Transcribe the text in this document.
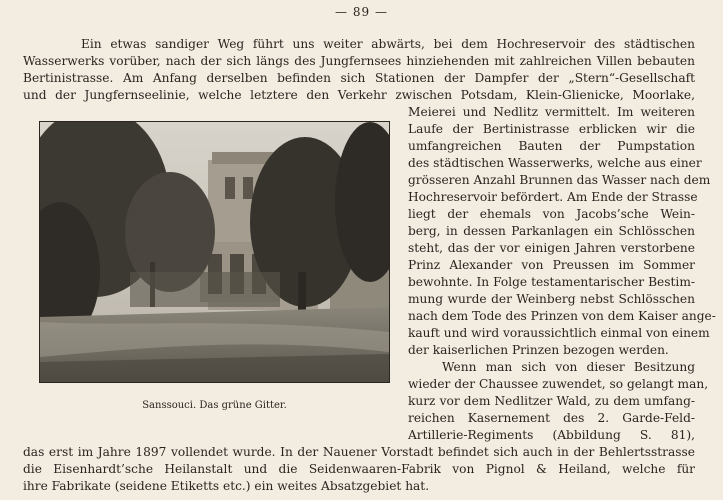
— 89 —
Ein etwas sandiger Weg führt uns weiter abwärts, bei dem Hochreservoir des städtischen
Wasserwerks vorüber, nach der sich längs des Jungfernsees hinziehenden mit zahlreichen Villen bebauten
Bertinistrasse. Am Anfang derselben befinden sich Stationen der Dampfer der „Stern“-Gesellschaft
und der Jungfernseelinie, welche letztere den Verkehr zwischen Potsdam, Klein-Glienicke, Moorlake,
Sanssouci. Das grüne Gitter.
Meierei und Nedlitz vermittelt. Im weiteren
Laufe der Bertinistrasse erblicken wir die
umfangreichen Bauten der Pumpstation
des städtischen Wasserwerks, welche aus einer
grösseren Anzahl Brunnen das Wasser nach dem
Hochreservoir befördert. Am Ende der Strasse
liegt der ehemals von Jacobs’sche Wein-
berg, in dessen Parkanlagen ein Schlösschen
steht, das der vor einigen Jahren verstorbene
Prinz Alexander von Preussen im Sommer
bewohnte. In Folge testamentarischer Bestim-
mung wurde der Weinberg nebst Schlösschen
nach dem Tode des Prinzen von dem Kaiser ange-
kauft und wird voraussichtlich einmal von einem
der kaiserlichen Prinzen bezogen werden.
Wenn man sich von dieser Besitzung
wieder der Chaussee zuwendet, so gelangt man,
kurz vor dem Nedlitzer Wald, zu dem umfang-
reichen Kasernement des 2. Garde-Feld-
Artillerie-Regiments (Abbildung S. 81),
das erst im Jahre 1897 vollendet wurde. In der Nauener Vorstadt befindet sich auch in der Behlertsstrasse
die Eisenhardt’sche Heilanstalt und die Seidenwaaren-Fabrik von Pignol & Heiland, welche für
ihre Fabrikate (seidene Etiketts etc.) ein weites Absatzgebiet hat.
